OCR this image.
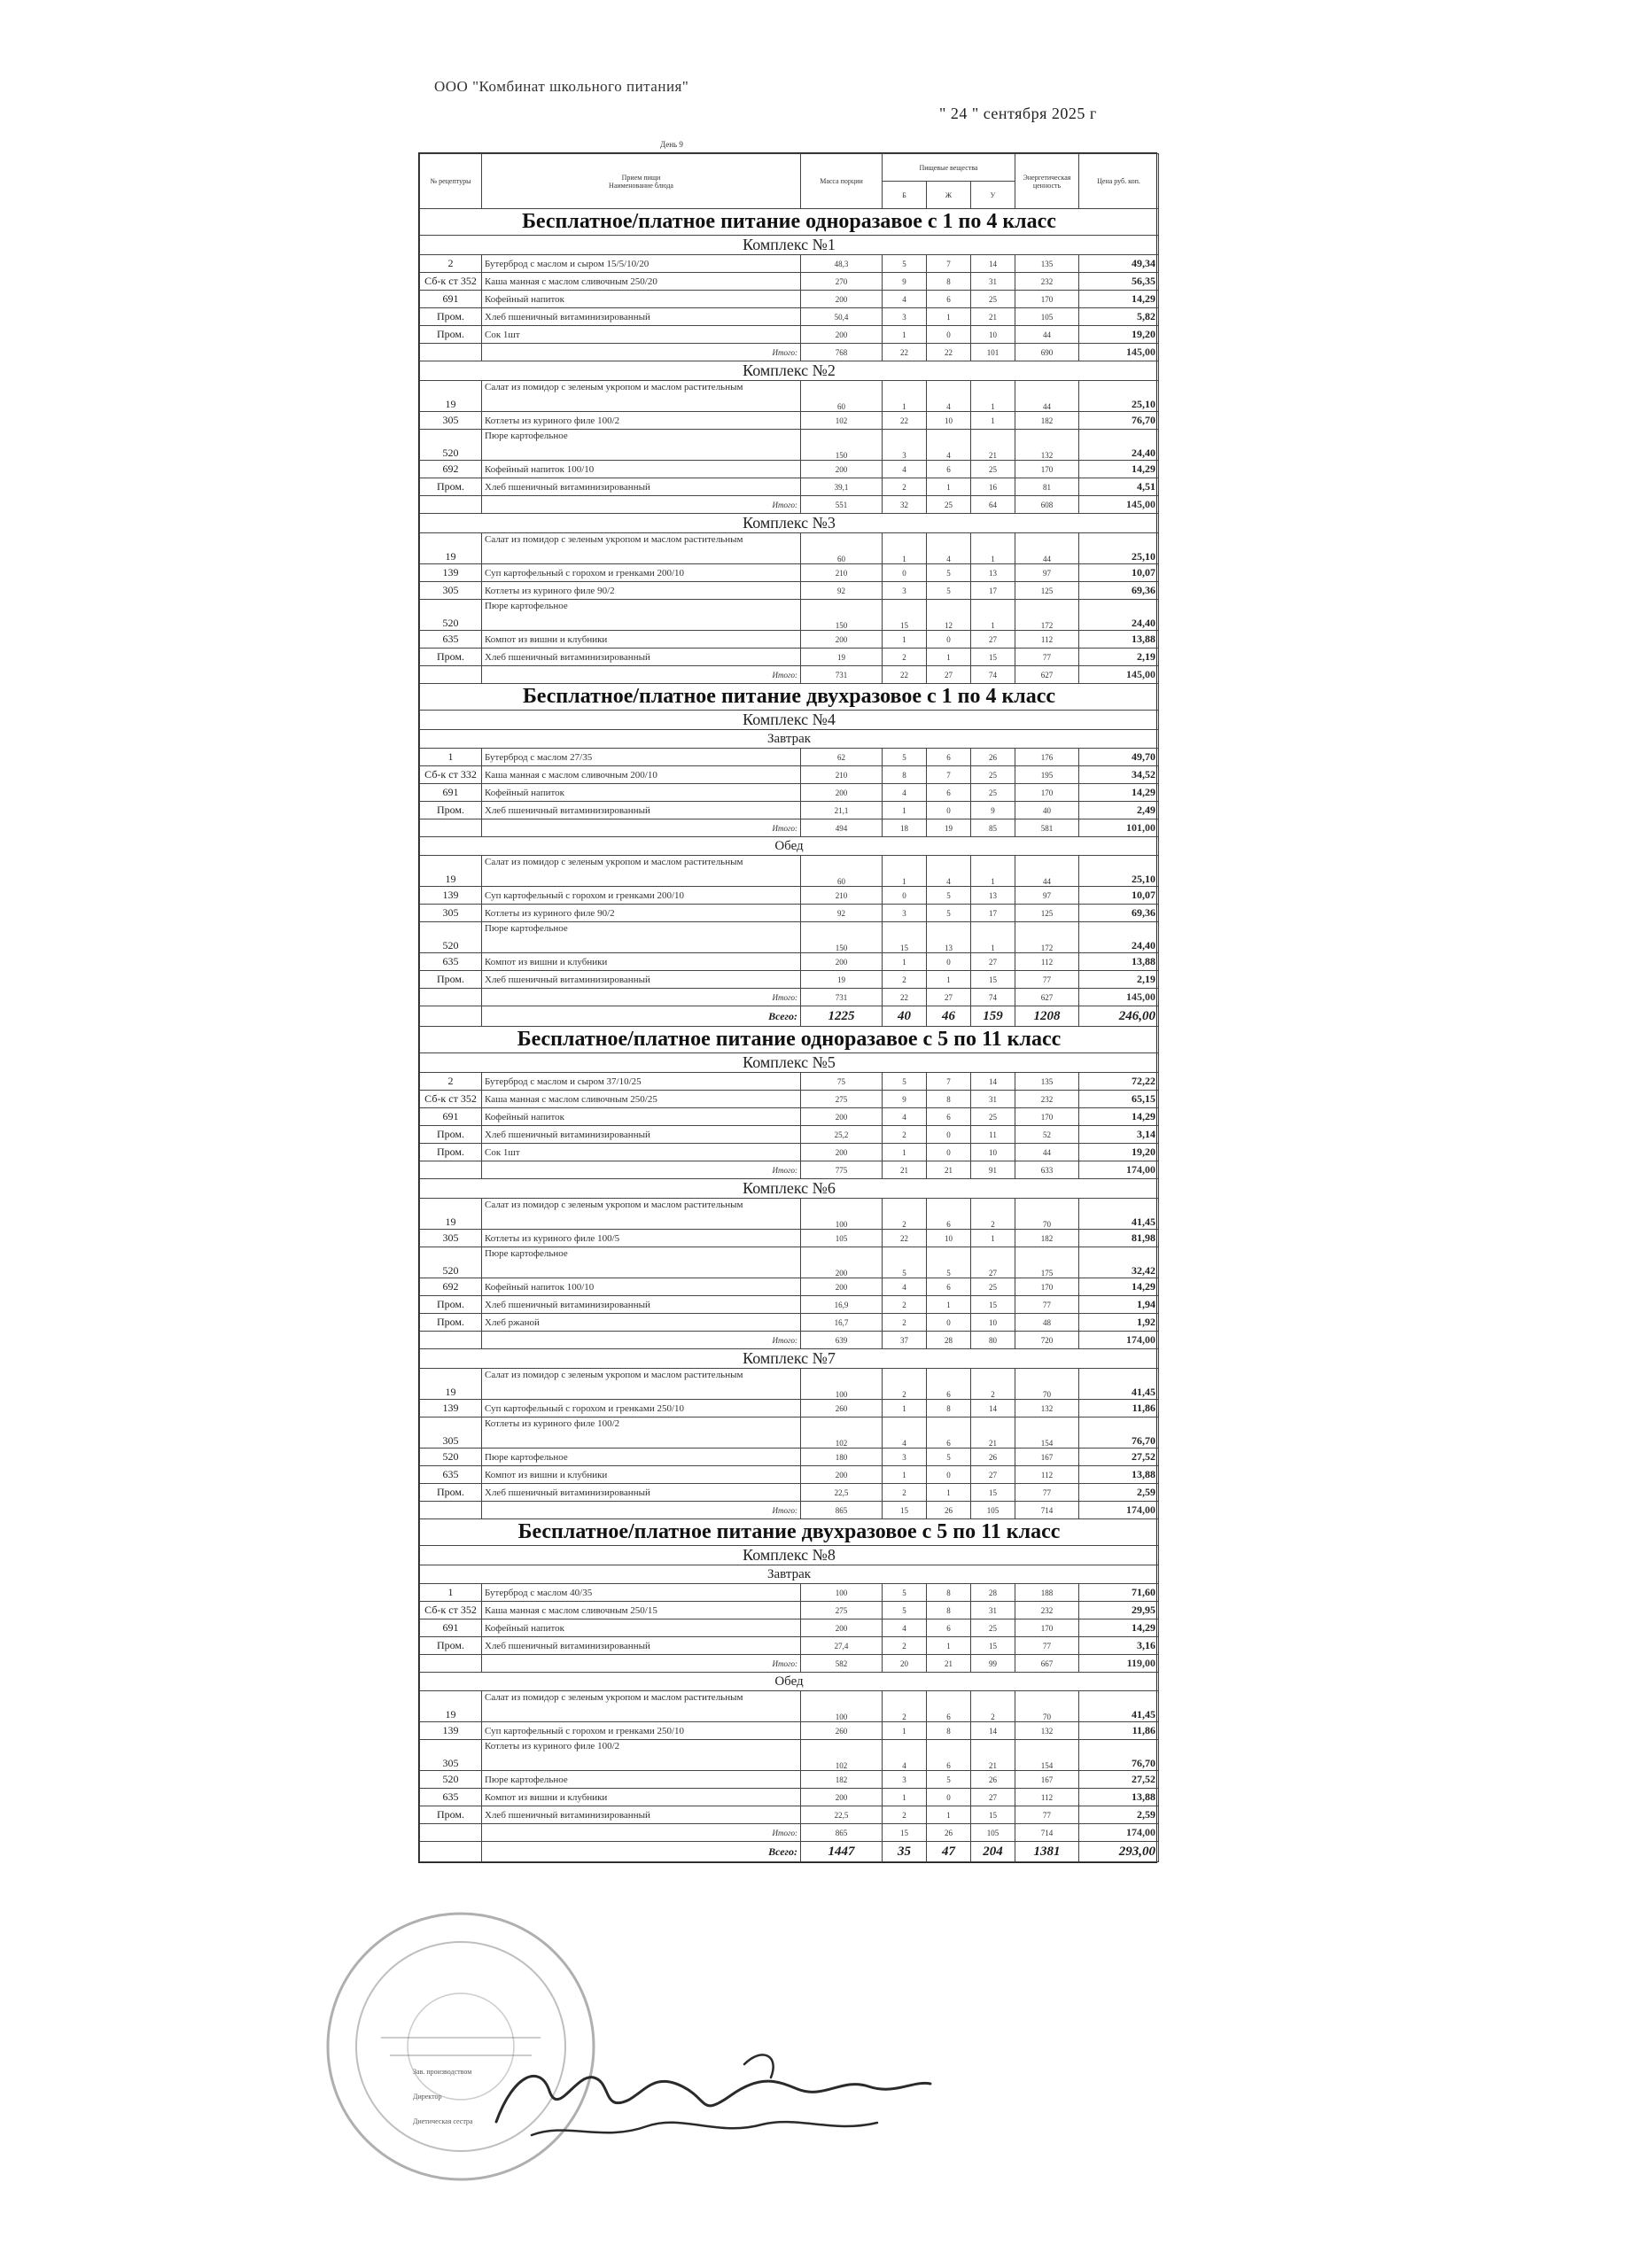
ООО "Комбинат школьного питания"
" 24 " сентября 2025 г
День 9
№ рецептуры	Прием пищи
Наименование блюда	Масса порции	Пищевые вещества			Энергетическая ценность	Цена руб. коп.
			Б	Ж	У		
Бесплатное/платное питание одноразавое с 1 по 4 класс							
Комплекс №1							
2	Бутерброд с маслом и сыром 15/5/10/20	48,3	5	7	14	135	49,34
Сб-к ст 352	Каша манная с маслом сливочным 250/20	270	9	8	31	232	56,35
691	Кофейный напиток	200	4	6	25	170	14,29
Пром.	Хлеб пшеничный витаминизированный	50,4	3	1	21	105	5,82
Пром.	Сок 1шт	200	1	0	10	44	19,20
	Итого:	768	22	22	101	690	145,00
Комплекс №2							
19	Салат из помидор с зеленым укропом и маслом растительным	60	1	4	1	44	25,10
305	Котлеты из куриного филе 100/2	102	22	10	1	182	76,70
520	Пюре картофельное	150	3	4	21	132	24,40
692	Кофейный напиток 100/10	200	4	6	25	170	14,29
Пром.	Хлеб пшеничный витаминизированный	39,1	2	1	16	81	4,51
	Итого:	551	32	25	64	608	145,00
Комплекс №3							
19	Салат из помидор с зеленым укропом и маслом растительным	60	1	4	1	44	25,10
139	Суп картофельный с горохом и гренками 200/10	210	0	5	13	97	10,07
305	Котлеты из куриного филе 90/2	92	3	5	17	125	69,36
520	Пюре картофельное	150	15	12	1	172	24,40
635	Компот из вишни и клубники	200	1	0	27	112	13,88
Пром.	Хлеб пшеничный витаминизированный	19	2	1	15	77	2,19
	Итого:	731	22	27	74	627	145,00
Бесплатное/платное питание двухразовое с 1 по 4 класс							
Комплекс №4							
Завтрак							
1	Бутерброд с маслом 27/35	62	5	6	26	176	49,70
Сб-к ст 332	Каша манная с маслом сливочным 200/10	210	8	7	25	195	34,52
691	Кофейный напиток	200	4	6	25	170	14,29
Пром.	Хлеб пшеничный витаминизированный	21,1	1	0	9	40	2,49
	Итого:	494	18	19	85	581	101,00
Обед							
19	Салат из помидор с зеленым укропом и маслом растительным	60	1	4	1	44	25,10
139	Суп картофельный с горохом и гренками 200/10	210	0	5	13	97	10,07
305	Котлеты из куриного филе 90/2	92	3	5	17	125	69,36
520	Пюре картофельное	150	15	13	1	172	24,40
635	Компот из вишни и клубники	200	1	0	27	112	13,88
Пром.	Хлеб пшеничный витаминизированный	19	2	1	15	77	2,19
	Итого:	731	22	27	74	627	145,00
	Всего:	1225	40	46	159	1208	246,00
Бесплатное/платное питание одноразавое с 5 по 11 класс							
Комплекс №5							
2	Бутерброд с маслом и сыром 37/10/25	75	5	7	14	135	72,22
Сб-к ст 352	Каша манная с маслом сливочным 250/25	275	9	8	31	232	65,15
691	Кофейный напиток	200	4	6	25	170	14,29
Пром.	Хлеб пшеничный витаминизированный	25,2	2	0	11	52	3,14
Пром.	Сок 1шт	200	1	0	10	44	19,20
	Итого:	775	21	21	91	633	174,00
Комплекс №6							
19	Салат из помидор с зеленым укропом и маслом растительным	100	2	6	2	70	41,45
305	Котлеты из куриного филе 100/5	105	22	10	1	182	81,98
520	Пюре картофельное	200	5	5	27	175	32,42
692	Кофейный напиток 100/10	200	4	6	25	170	14,29
Пром.	Хлеб пшеничный витаминизированный	16,9	2	1	15	77	1,94
Пром.	Хлеб ржаной	16,7	2	0	10	48	1,92
	Итого:	639	37	28	80	720	174,00
Комплекс №7							
19	Салат из помидор с зеленым укропом и маслом растительным	100	2	6	2	70	41,45
139	Суп картофельный с горохом и гренками 250/10	260	1	8	14	132	11,86
305	Котлеты из куриного филе 100/2	102	4	6	21	154	76,70
520	Пюре картофельное	180	3	5	26	167	27,52
635	Компот из вишни и клубники	200	1	0	27	112	13,88
Пром.	Хлеб пшеничный витаминизированный	22,5	2	1	15	77	2,59
	Итого:	865	15	26	105	714	174,00
Бесплатное/платное питание двухразовое с 5 по 11 класс							
Комплекс №8							
Завтрак							
1	Бутерброд с маслом 40/35	100	5	8	28	188	71,60
Сб-к ст 352	Каша манная с маслом сливочным 250/15	275	5	8	31	232	29,95
691	Кофейный напиток	200	4	6	25	170	14,29
Пром.	Хлеб пшеничный витаминизированный	27,4	2	1	15	77	3,16
	Итого:	582	20	21	99	667	119,00
Обед							
19	Салат из помидор с зеленым укропом и маслом растительным	100	2	6	2	70	41,45
139	Суп картофельный с горохом и гренками 250/10	260	1	8	14	132	11,86
305	Котлеты из куриного филе 100/2	102	4	6	21	154	76,70
520	Пюре картофельное	182	3	5	26	167	27,52
635	Компот из вишни и клубники	200	1	0	27	112	13,88
Пром.	Хлеб пшеничный витаминизированный	22,5	2	1	15	77	2,59
	Итого:	865	15	26	105	714	174,00
	Всего:	1447	35	47	204	1381	293,00
Зав. производством
Директор
Диетическая сестра
